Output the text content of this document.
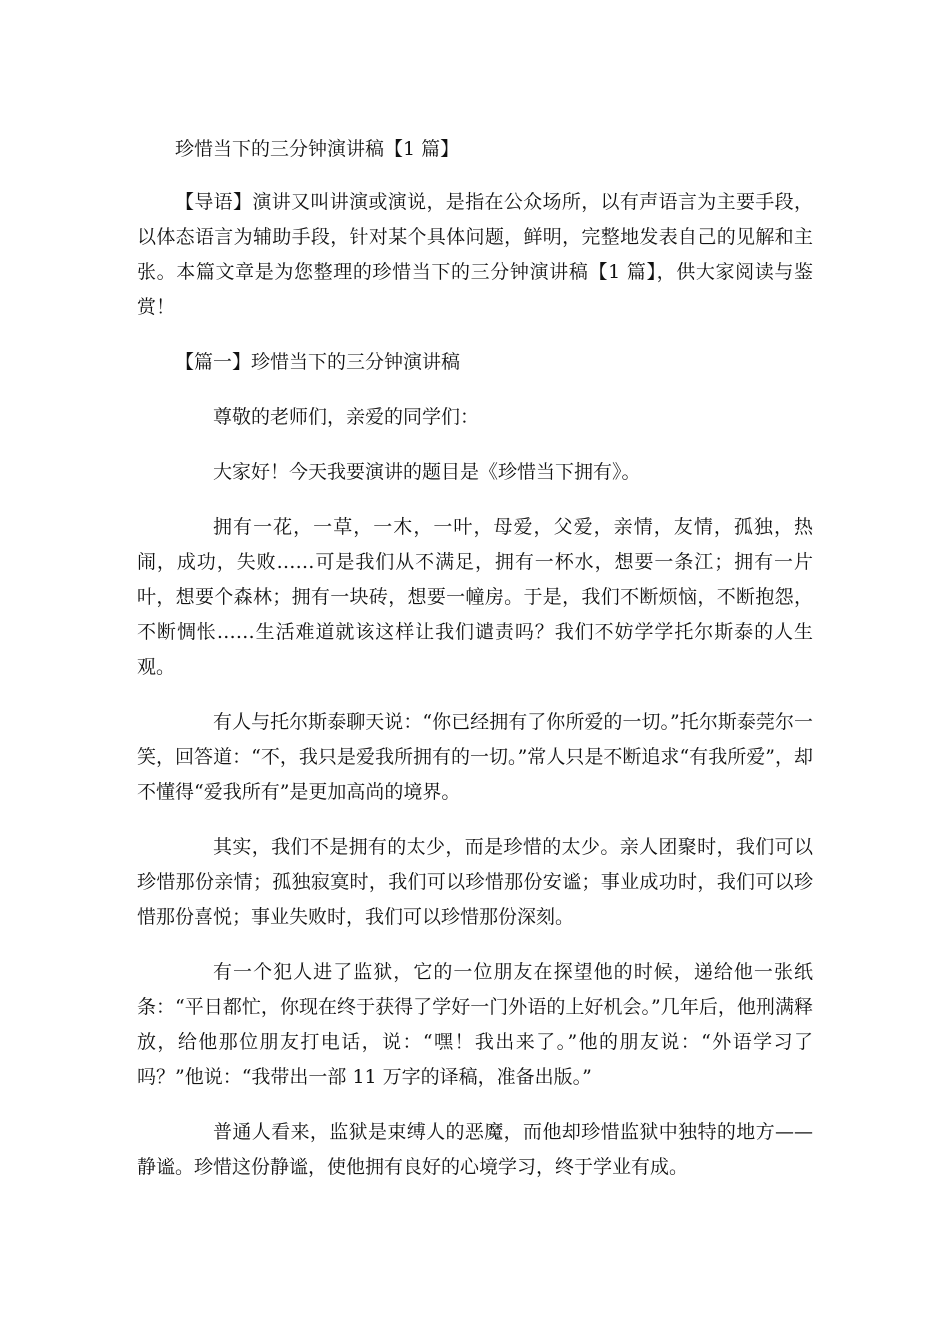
珍惜当下的三分钟演讲稿【1 篇】

【导语】演讲又叫讲演或演说，是指在公众场所，以有声语言为主要手段，以体态语言为辅助手段，针对某个具体问题，鲜明，完整地发表自己的见解和主张。本篇文章是为您整理的珍惜当下的三分钟演讲稿【1 篇】，供大家阅读与鉴赏！

【篇一】珍惜当下的三分钟演讲稿

尊敬的老师们，亲爱的同学们：

大家好！今天我要演讲的题目是《珍惜当下拥有》。

拥有一花，一草，一木，一叶，母爱，父爱，亲情，友情，孤独，热闹，成功，失败……可是我们从不满足，拥有一杯水，想要一条江；拥有一片叶，想要个森林；拥有一块砖，想要一幢房。于是，我们不断烦恼，不断抱怨，不断惆怅……生活难道就该这样让我们谴责吗？我们不妨学学托尔斯泰的人生观。

有人与托尔斯泰聊天说：“你已经拥有了你所爱的一切。”托尔斯泰莞尔一笑，回答道：“不，我只是爱我所拥有的一切。”常人只是不断追求“有我所爱”，却不懂得“爱我所有”是更加高尚的境界。

其实，我们不是拥有的太少，而是珍惜的太少。亲人团聚时，我们可以珍惜那份亲情；孤独寂寞时，我们可以珍惜那份安谧；事业成功时，我们可以珍惜那份喜悦；事业失败时，我们可以珍惜那份深刻。

有一个犯人进了监狱，它的一位朋友在探望他的时候，递给他一张纸条：“平日都忙，你现在终于获得了学好一门外语的上好机会。”几年后，他刑满释放，给他那位朋友打电话，说：“嘿！我出来了。”他的朋友说：“外语学习了吗？”他说：“我带出一部 11 万字的译稿，准备出版。”

普通人看来，监狱是束缚人的恶魔，而他却珍惜监狱中独特的地方——静谧。珍惜这份静谧，使他拥有良好的心境学习，终于学业有成。
